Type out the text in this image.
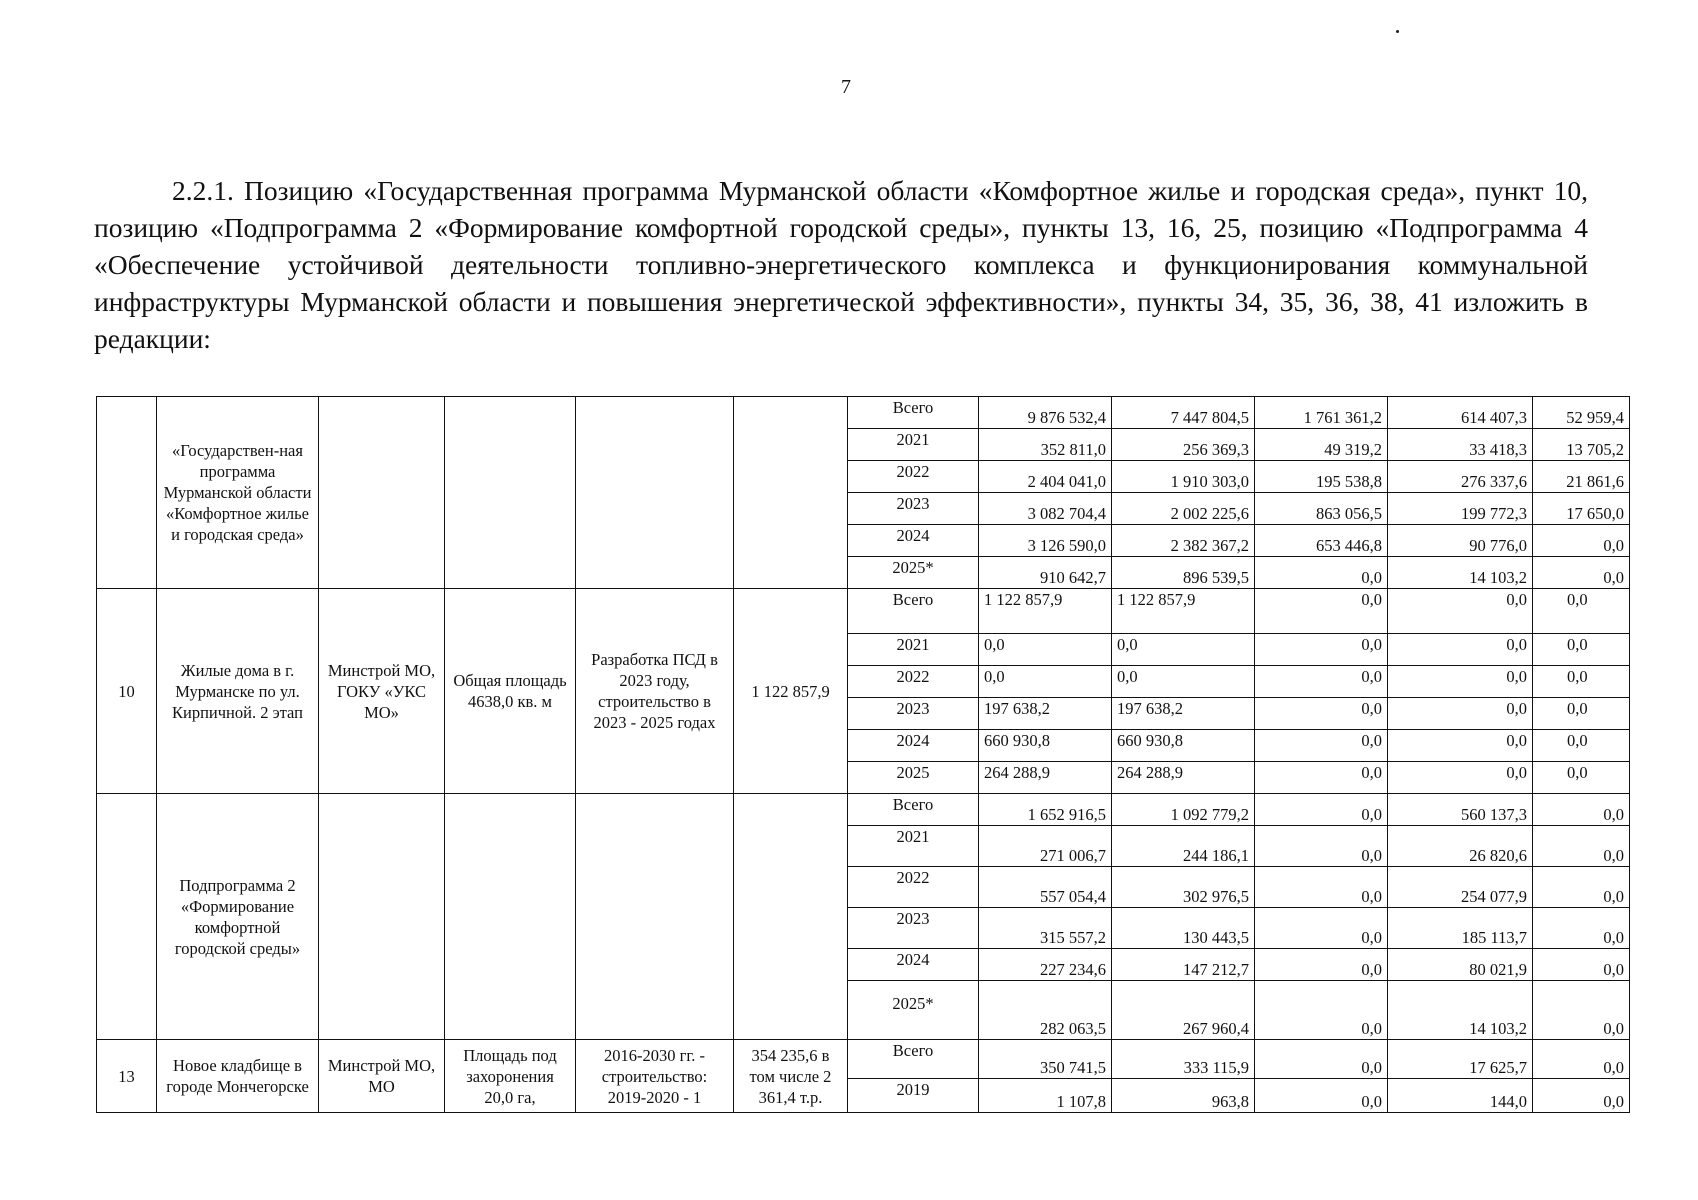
7

2.2.1. Позицию «Государственная программа Мурманской области «Комфортное жилье и городская среда», пункт 10, позицию «Подпрограмма 2 «Формирование комфортной городской среды», пункты 13, 16, 25, позицию «Подпрограмма 4 «Обеспечение устойчивой деятельности топливно-энергетического комплекса и функционирования коммунальной инфраструктуры Мурманской области и повышения энергетической эффективности», пункты 34, 35, 36, 38, 41 изложить в редакции:

	«Государствен-ная программа Мурманской области «Комфортное жилье и городская среда»					Всего	9 876 532,4	7 447 804,5	1 761 361,2	614 407,3	52 959,4
						2021	352 811,0	256 369,3	49 319,2	33 418,3	13 705,2
						2022	2 404 041,0	1 910 303,0	195 538,8	276 337,6	21 861,6
						2023	3 082 704,4	2 002 225,6	863 056,5	199 772,3	17 650,0
						2024	3 126 590,0	2 382 367,2	653 446,8	90 776,0	0,0
						2025*	910 642,7	896 539,5	0,0	14 103,2	0,0
10	Жилые дома в г. Мурманске по ул. Кирпичной. 2 этап	Минстрой МО, ГОКУ «УКС МО»	Общая площадь 4638,0 кв. м	Разработка ПСД в 2023 году, строительство в 2023 - 2025 годах	1 122 857,9	Всего	1 122 857,9	1 122 857,9	0,0	0,0	0,0
						2021	0,0	0,0	0,0	0,0	0,0
						2022	0,0	0,0	0,0	0,0	0,0
						2023	197 638,2	197 638,2	0,0	0,0	0,0
						2024	660 930,8	660 930,8	0,0	0,0	0,0
						2025	264 288,9	264 288,9	0,0	0,0	0,0
	Подпрограмма 2 «Формирование комфортной городской среды»					Всего	1 652 916,5	1 092 779,2	0,0	560 137,3	0,0
						2021	271 006,7	244 186,1	0,0	26 820,6	0,0
						2022	557 054,4	302 976,5	0,0	254 077,9	0,0
						2023	315 557,2	130 443,5	0,0	185 113,7	0,0
						2024	227 234,6	147 212,7	0,0	80 021,9	0,0
						2025*	282 063,5	267 960,4	0,0	14 103,2	0,0
13	Новое кладбище в городе Мончегорске	Минстрой МО, МО	Площадь под захоронения 20,0 га,	2016-2030 гг. - строительство: 2019-2020 - 1	354 235,6 в том числе 2 361,4 т.р.	Всего	350 741,5	333 115,9	0,0	17 625,7	0,0
						2019	1 107,8	963,8	0,0	144,0	0,0
